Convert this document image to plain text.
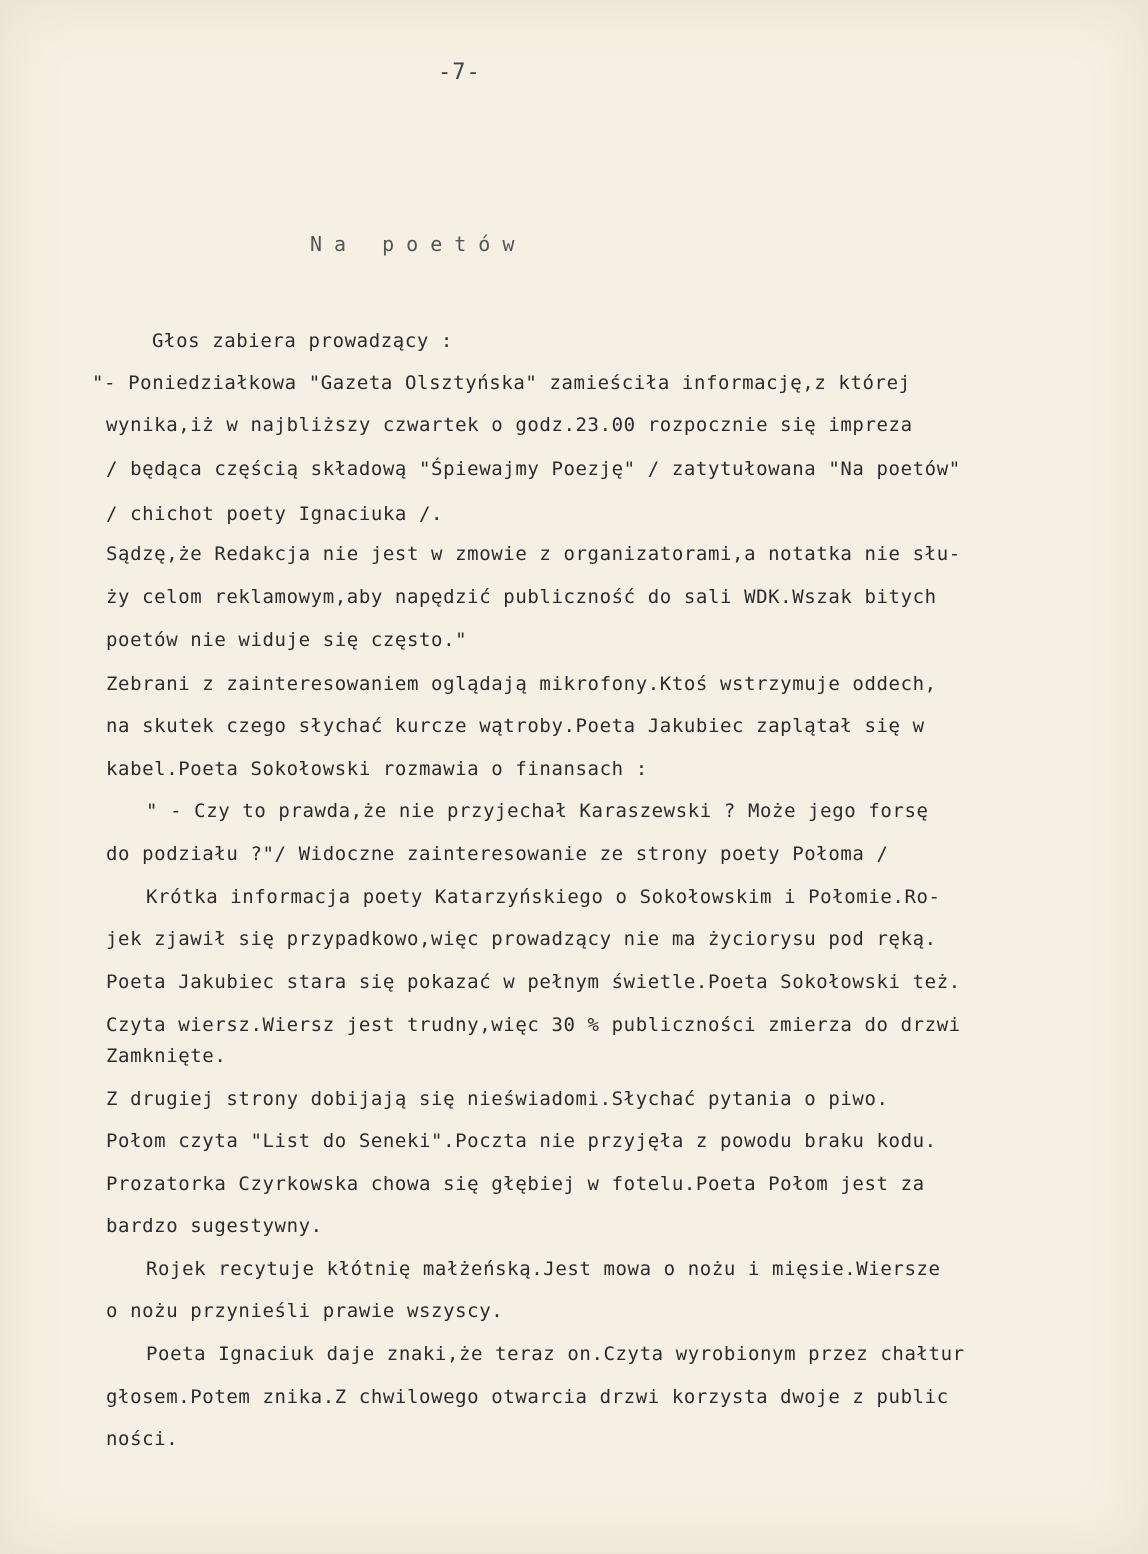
-7-
Na poetów
Głos zabiera prowadzący :
"- Poniedziałkowa "Gazeta Olsztyńska" zamieściła informację,z której
wynika,iż w najbliższy czwartek o godz.23.00 rozpocznie się impreza
/ będąca częścią składową "Śpiewajmy Poezję" / zatytułowana "Na poetów"
/ chichot poety Ignaciuka /.
Sądzę,że Redakcja nie jest w zmowie z organizatorami,a notatka nie słu-
ży celom reklamowym,aby napędzić publiczność do sali WDK.Wszak bitych
poetów nie widuje się często."
Zebrani z zainteresowaniem oglądają mikrofony.Ktoś wstrzymuje oddech,
na skutek czego słychać kurcze wątroby.Poeta Jakubiec zaplątał się w
kabel.Poeta Sokołowski rozmawia o finansach :
" - Czy to prawda,że nie przyjechał Karaszewski ? Może jego forsę
do podziału ?"/ Widoczne zainteresowanie ze strony poety Połoma /
Krótka informacja poety Katarzyńskiego o Sokołowskim i Połomie.Ro-
jek zjawił się przypadkowo,więc prowadzący nie ma życiorysu pod ręką.
Poeta Jakubiec stara się pokazać w pełnym świetle.Poeta Sokołowski też.
Czyta wiersz.Wiersz jest trudny,więc 30 % publiczności zmierza do drzwi
Zamknięte.
Z drugiej strony dobijają się nieświadomi.Słychać pytania o piwo.
Połom czyta "List do Seneki".Poczta nie przyjęła z powodu braku kodu.
Prozatorka Czyrkowska chowa się głębiej w fotelu.Poeta Połom jest za
bardzo sugestywny.
Rojek recytuje kłótnię małżeńską.Jest mowa o nożu i mięsie.Wiersze
o nożu przynieśli prawie wszyscy.
Poeta Ignaciuk daje znaki,że teraz on.Czyta wyrobionym przez chałtur
głosem.Potem znika.Z chwilowego otwarcia drzwi korzysta dwoje z public
ności.
